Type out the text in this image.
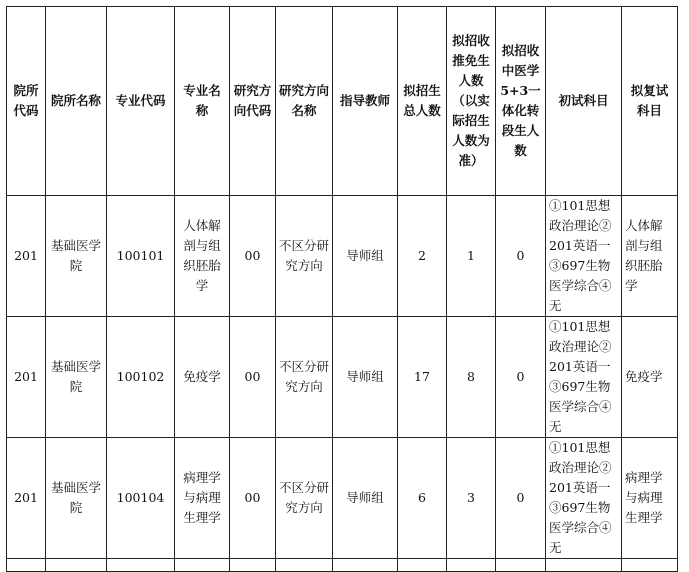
院所代码	院所名称	专业代码	专业名称	研究方向代码	研究方向名称	指导教师	拟招生总人数	拟招收推免生人数（以实际招生人数为准）	拟招收中医学5+3一体化转段生人数	初试科目	拟复试科目

201	基础医学院	100101	人体解剖与组织胚胎学	00	不区分研究方向	导师组	2	1	0	①101思想政治理论②201英语一③697生物医学综合④无	人体解剖与组织胚胎学

201	基础医学院	100102	免疫学	00	不区分研究方向	导师组	17	8	0	①101思想政治理论②201英语一③697生物医学综合④无	免疫学

201	基础医学院	100104	病理学与病理生理学	00	不区分研究方向	导师组	6	3	0	①101思想政治理论②201英语一③697生物医学综合④无	病理学与病理生理学
